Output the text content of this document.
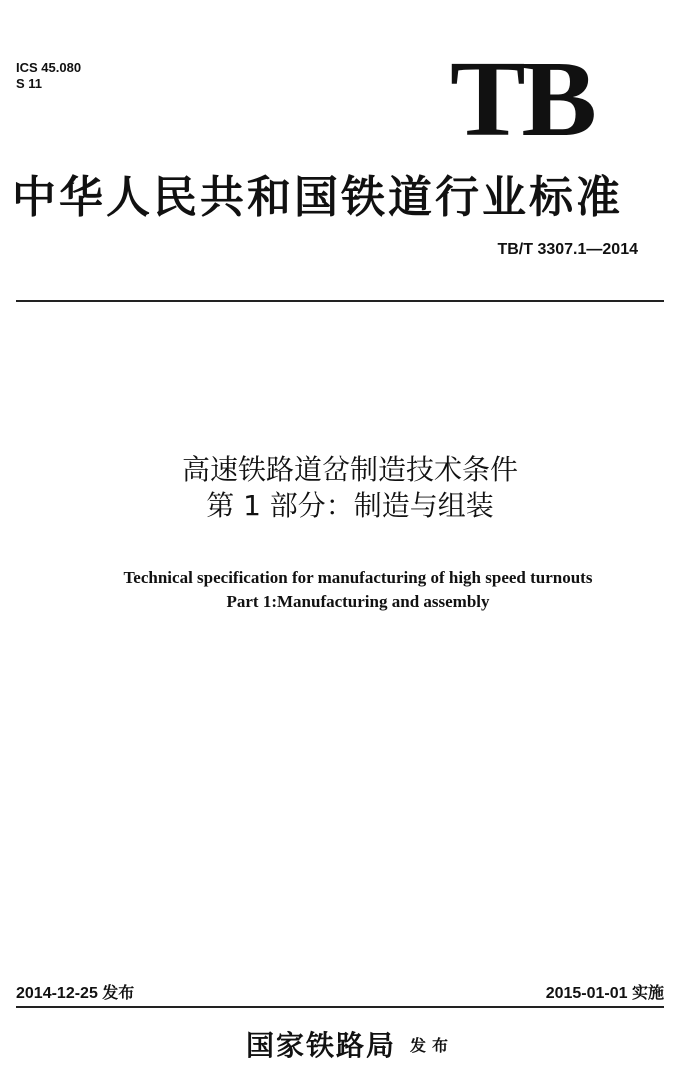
ICS 45.080
S 11	TB
中华人民共和国铁道行业标准
TB/T 3307.1—2014
高速铁路道岔制造技术条件
第 1 部分：制造与组装
Technical specification for manufacturing of high speed turnouts
Part 1:Manufacturing and assembly
2014-12-25 发布	2015-01-01 实施
国家铁路局 发布
